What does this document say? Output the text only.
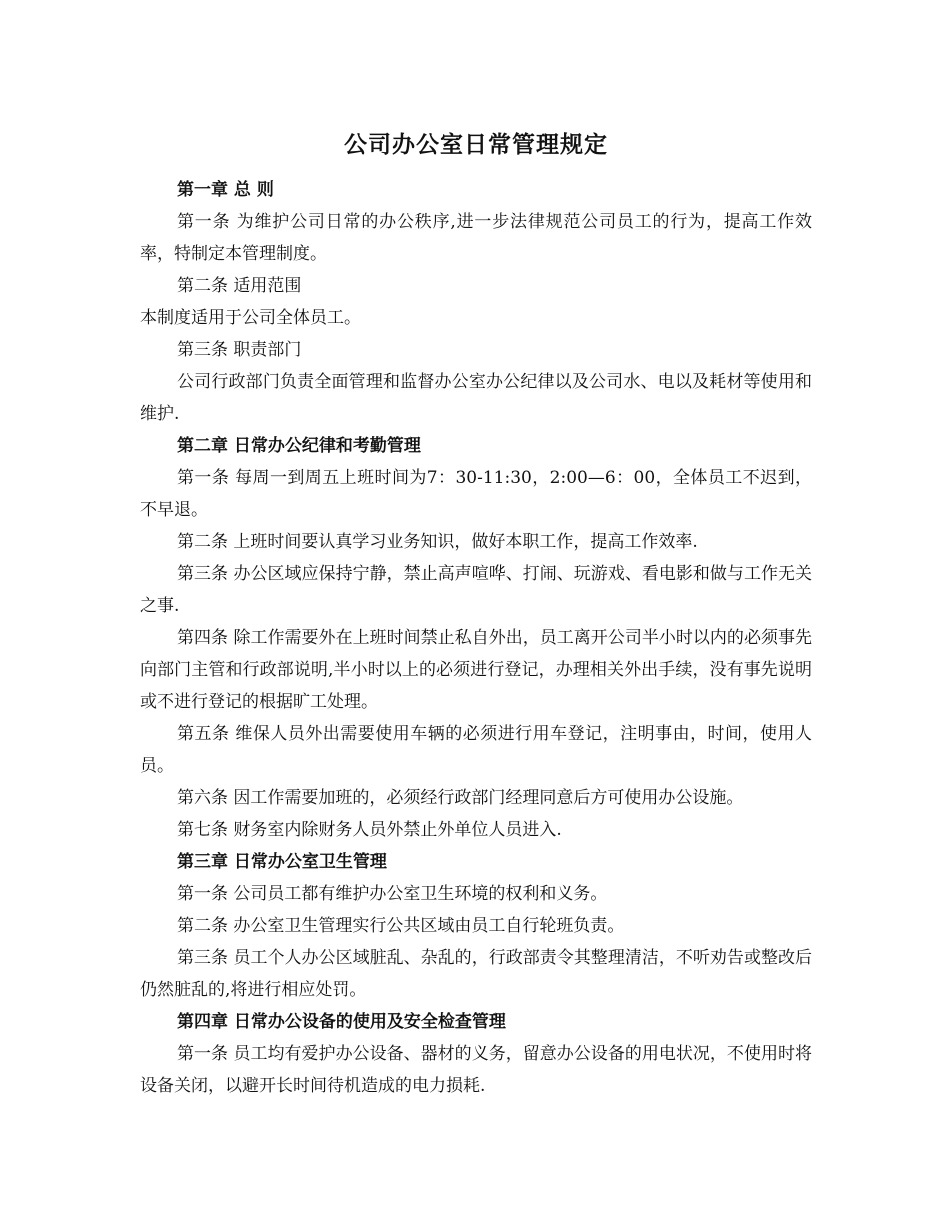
公司办公室日常管理规定

第一章 总 则

第一条 为维护公司日常的办公秩序,进一步法律规范公司员工的行为，提高工作效率，特制定本管理制度。

第二条 适用范围

本制度适用于公司全体员工。

第三条 职责部门

公司行政部门负责全面管理和监督办公室办公纪律以及公司水、电以及耗材等使用和维护.

第二章 日常办公纪律和考勤管理

第一条 每周一到周五上班时间为7：30-11:30，2:00—6：00，全体员工不迟到，不早退。

第二条 上班时间要认真学习业务知识，做好本职工作，提高工作效率.

第三条 办公区域应保持宁静，禁止高声喧哗、打闹、玩游戏、看电影和做与工作无关之事.

第四条 除工作需要外在上班时间禁止私自外出，员工离开公司半小时以内的必须事先向部门主管和行政部说明,半小时以上的必须进行登记，办理相关外出手续，没有事先说明或不进行登记的根据旷工处理。

第五条 维保人员外出需要使用车辆的必须进行用车登记，注明事由，时间，使用人员。

第六条 因工作需要加班的，必须经行政部门经理同意后方可使用办公设施。

第七条 财务室内除财务人员外禁止外单位人员进入.

第三章 日常办公室卫生管理

第一条 公司员工都有维护办公室卫生环境的权利和义务。

第二条 办公室卫生管理实行公共区域由员工自行轮班负责。

第三条 员工个人办公区域脏乱、杂乱的，行政部责令其整理清洁，不听劝告或整改后仍然脏乱的,将进行相应处罚。

第四章 日常办公设备的使用及安全检查管理

第一条 员工均有爱护办公设备、器材的义务，留意办公设备的用电状况，不使用时将设备关闭，以避开长时间待机造成的电力损耗.
